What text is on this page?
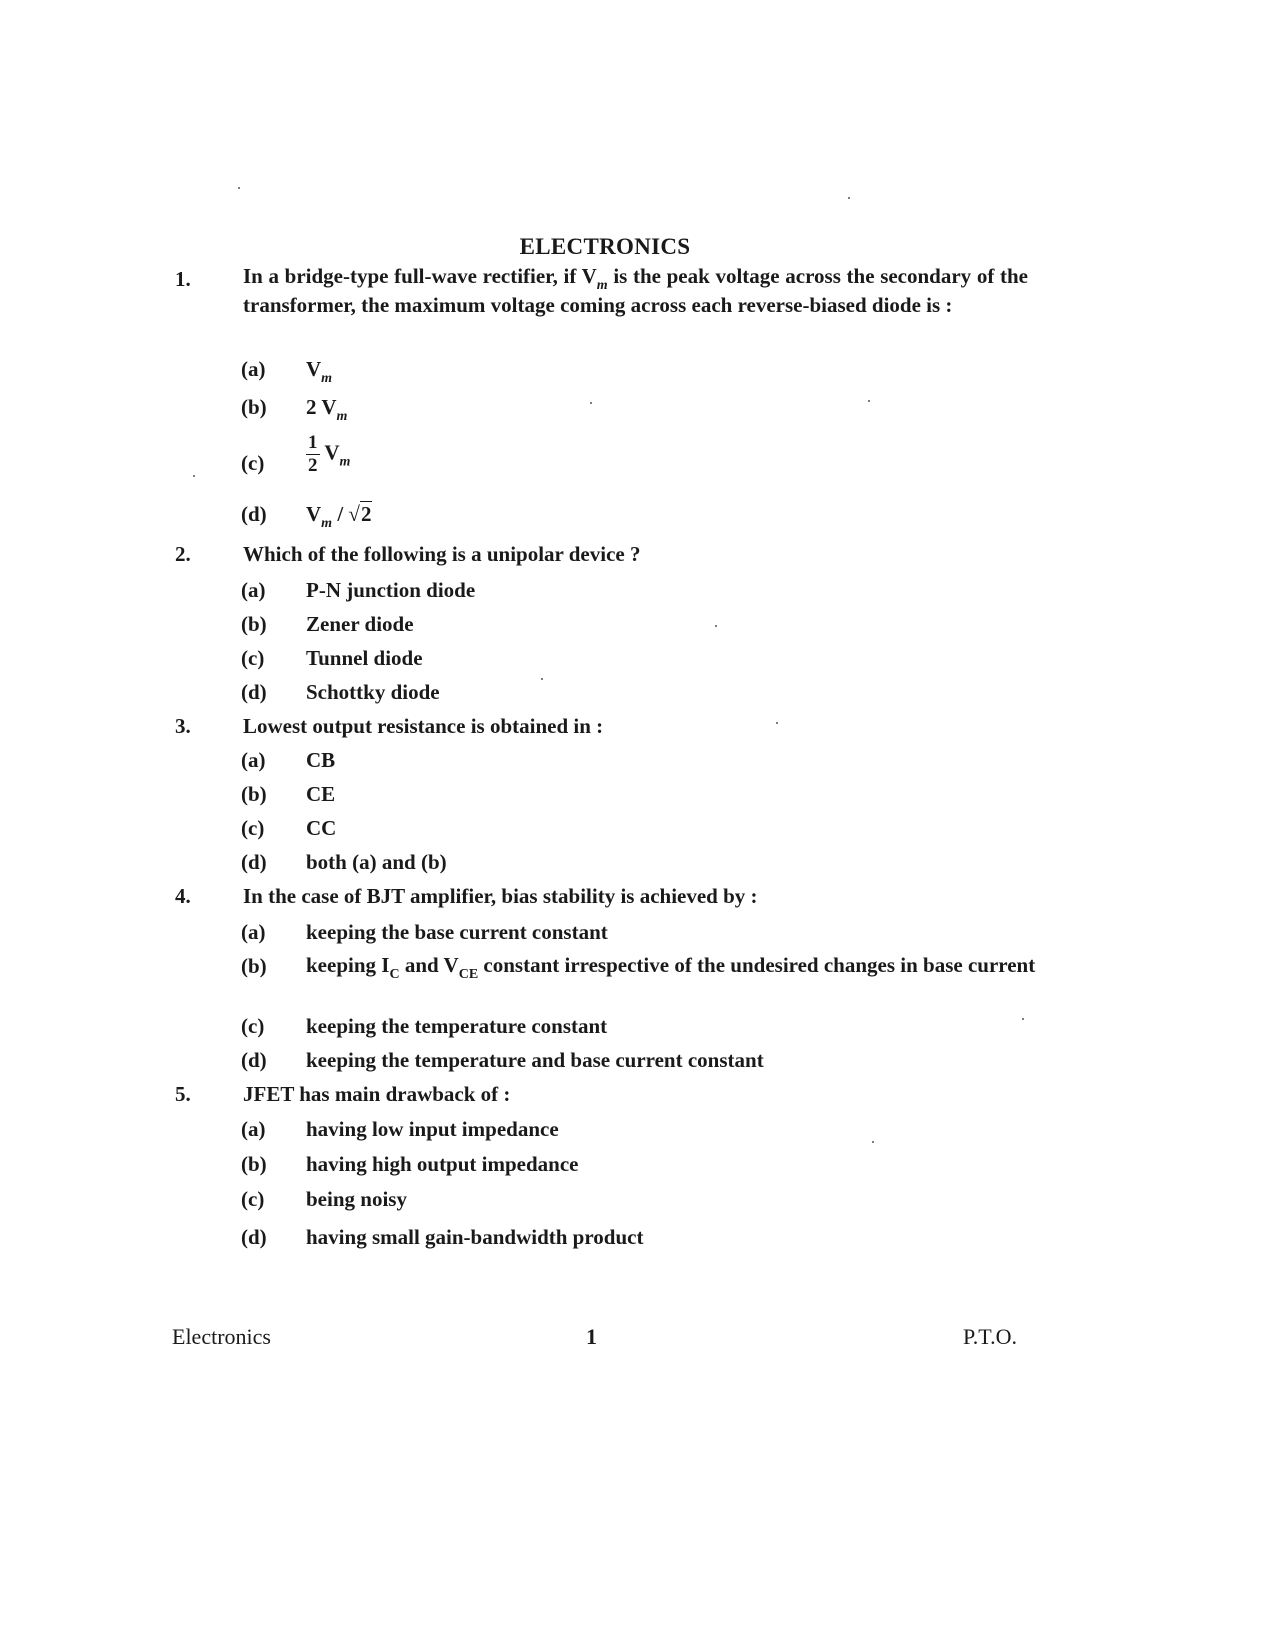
ELECTRONICS
1. In a bridge-type full-wave rectifier, if $V_m$ is the peak voltage across the secondary of the transformer, the maximum voltage coming across each reverse-biased diode is :
(a) $V_m$
(b) 2 $V_m$
$(c) \frac{1}{2} V_m$
(d) $V_m / √2$
2. Which of the following is a unipolar device ?
(a) P-N junction diode
(b) Zener diode
(c) Tunnel diode
(d) Schottky diode
3. Lowest output resistance is obtained in :
(a) CB
(b) CE
(c) CC
(d) both (a) and (b)
4. In the case of BJT amplifier, bias stability is achieved by :
(a) keeping the base current constant
(b) keeping $I_C$ and $V_{CE}$ constant irrespective of the undesired changes in base current
(c) keeping the temperature constant
(d) keeping the temperature and base current constant
5. JFET has main drawback of :
(a) having low input impedance
(b) having high output impedance
(c) being noisy
(d) having small gain-bandwidth product
Electronics	1	P.T.O.
